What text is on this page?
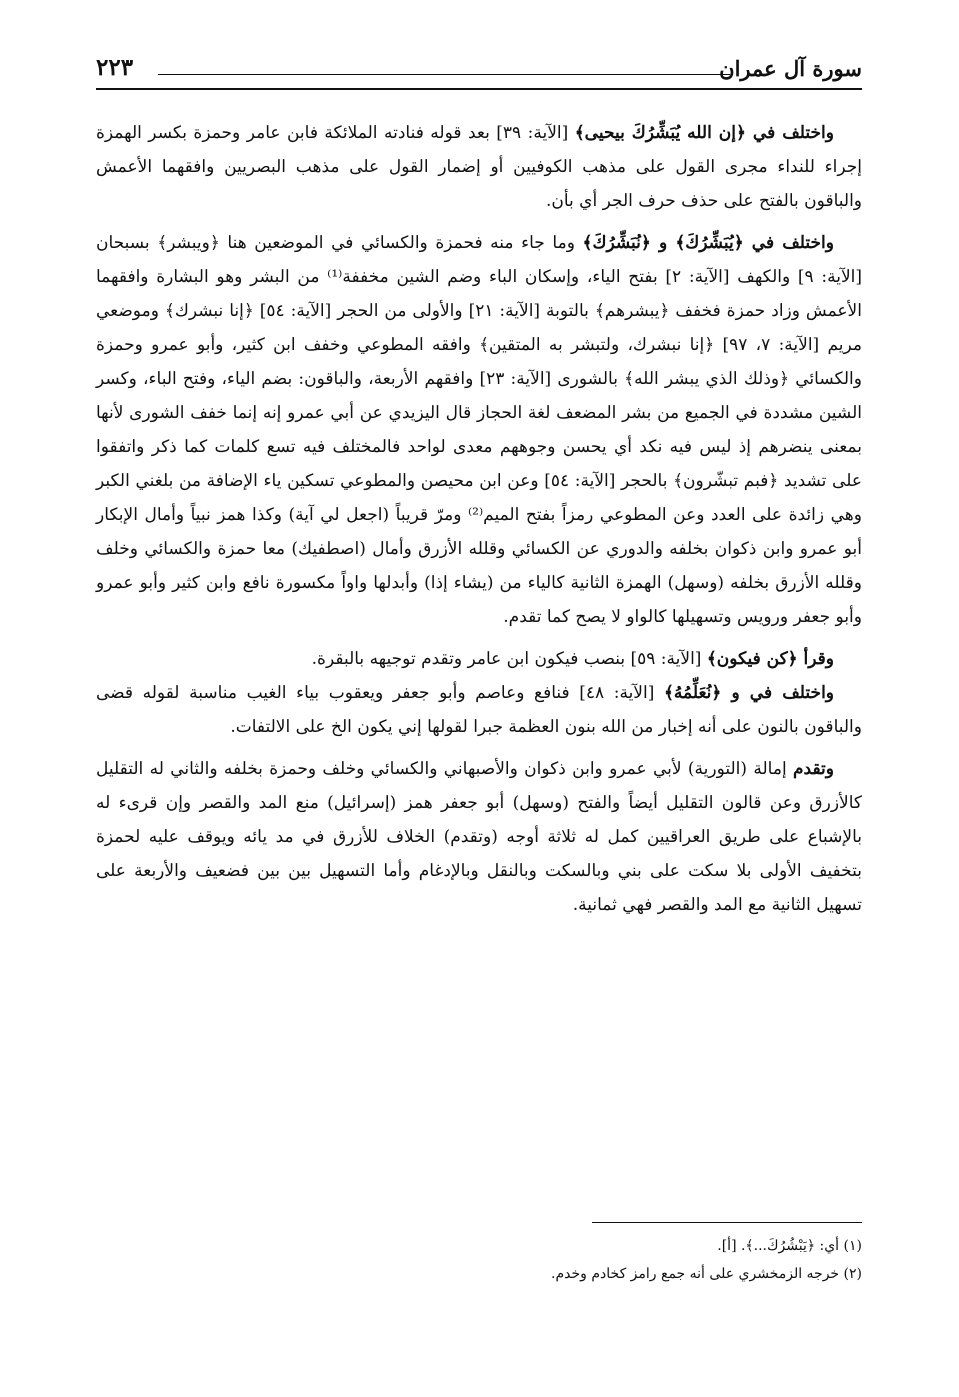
سورة آل عمران
٢٢٣

واختلف في ﴿إن الله يُبَشِّرُكَ بيحيى﴾ [الآية: ٣٩] بعد قوله فنادته الملائكة فابن عامر وحمزة بكسر الهمزة إجراء للنداء مجرى القول على مذهب الكوفيين أو إضمار القول على مذهب البصريين وافقهما الأعمش والباقون بالفتح على حذف حرف الجر أي بأن.

واختلف في ﴿يُبَشِّرُكَ﴾ و ﴿نُبَشِّرُكَ﴾ وما جاء منه فحمزة والكسائي في الموضعين هنا ﴿ويبشر﴾ بسبحان [الآية: ٩] والكهف [الآية: ٢] بفتح الياء، وإسكان الباء وضم الشين مخففة⁽¹⁾ من البشر وهو البشارة وافقهما الأعمش وزاد حمزة فخفف ﴿يبشرهم﴾ بالتوبة [الآية: ٢١] والأولى من الحجر [الآية: ٥٤] ﴿إنا نبشرك﴾ وموضعي مريم [الآية: ٧، ٩٧] ﴿إنا نبشرك، ولتبشر به المتقين﴾ وافقه المطوعي وخفف ابن كثير، وأبو عمرو وحمزة والكسائي ﴿وذلك الذي يبشر الله﴾ بالشورى [الآية: ٢٣] وافقهم الأربعة، والباقون: بضم الياء، وفتح الباء، وكسر الشين مشددة في الجميع من بشر المضعف لغة الحجاز قال اليزيدي عن أبي عمرو إنه إنما خفف الشورى لأنها بمعنى ينضرهم إذ ليس فيه نكد أي يحسن وجوههم معدى لواحد فالمختلف فيه تسع كلمات كما ذكر واتفقوا على تشديد ﴿فبم تبشّرون﴾ بالحجر [الآية: ٥٤] وعن ابن محيصن والمطوعي تسكين ياء الإضافة من بلغني الكبر وهي زائدة على العدد وعن المطوعي رمزاً بفتح الميم⁽²⁾ ومرّ قريباً (اجعل لي آية) وكذا همز نبياً وأمال الإبكار أبو عمرو وابن ذكوان بخلفه والدوري عن الكسائي وقلله الأزرق وأمال (اصطفيك) معا حمزة والكسائي وخلف وقلله الأزرق بخلفه (وسهل) الهمزة الثانية كالياء من (يشاء إذا) وأبدلها واواً مكسورة نافع وابن كثير وأبو عمرو وأبو جعفر ورويس وتسهيلها كالواو لا يصح كما تقدم.

وقرأ ﴿كن فيكون﴾ [الآية: ٥٩] بنصب فيكون ابن عامر وتقدم توجيهه بالبقرة.

واختلف في و ﴿نُعَلِّمُهُ﴾ [الآية: ٤٨] فنافع وعاصم وأبو جعفر ويعقوب بياء الغيب مناسبة لقوله قضى والباقون بالنون على أنه إخبار من الله بنون العظمة جبرا لقولها إني يكون الخ على الالتفات.

وتقدم إمالة (التورية) لأبي عمرو وابن ذكوان والأصبهاني والكسائي وخلف وحمزة بخلفه والثاني له التقليل كالأزرق وعن قالون التقليل أيضاً والفتح (وسهل) أبو جعفر همز (إسرائيل) منع المد والقصر وإن قرىء له بالإشباع على طريق العراقيين كمل له ثلاثة أوجه (وتقدم) الخلاف للأزرق في مد يائه ويوقف عليه لحمزة بتخفيف الأولى بلا سكت على بني وبالسكت وبالنقل وبالإدغام وأما التسهيل بين بين فضعيف والأربعة على تسهيل الثانية مع المد والقصر فهي ثمانية.

(١) أي: ﴿يَبْشُرُكَ...﴾. [أ].

(٢) خرجه الزمخشري على أنه جمع رامز كخادم وخدم.
